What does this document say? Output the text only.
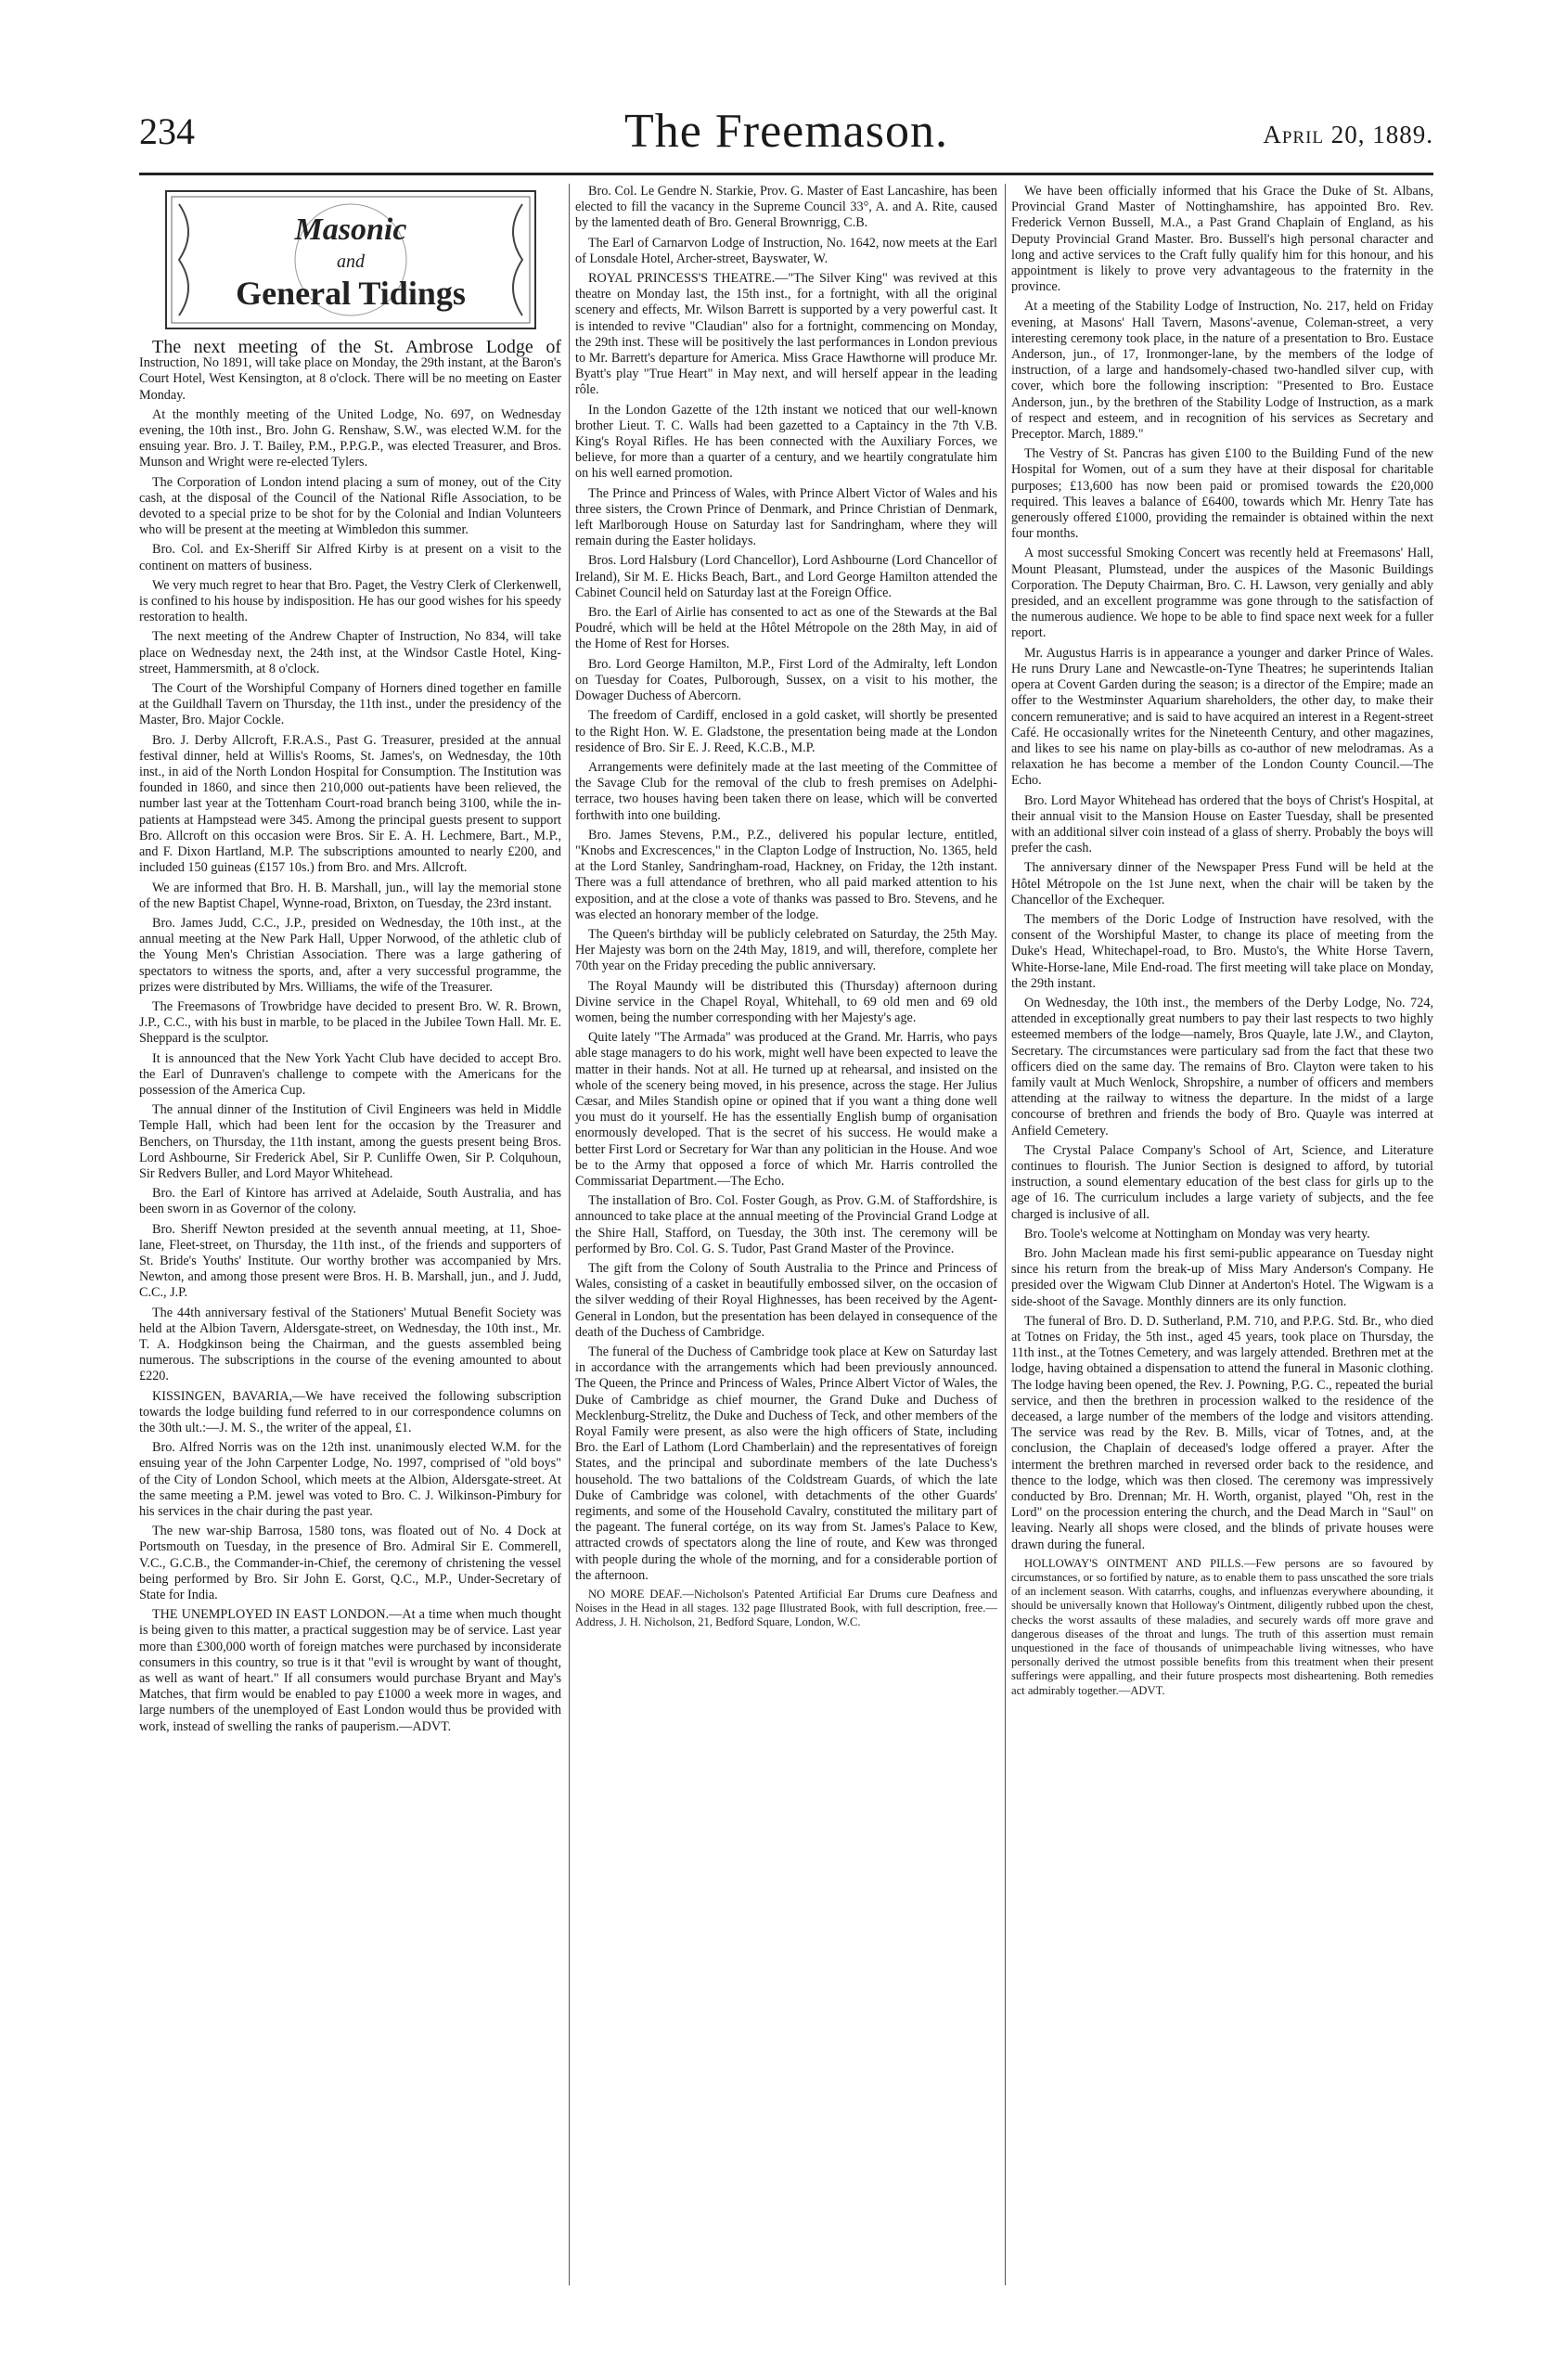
234	The Freemason.	April 20, 1889.
Masonic
and
General Tidings

The next meeting of the St. Ambrose Lodge of Instruction, No 1891, will take place on Monday, the 29th instant, at the Baron's Court Hotel, West Kensington, at 8 o'clock. There will be no meeting on Easter Monday.

At the monthly meeting of the United Lodge, No. 697, on Wednesday evening, the 10th inst., Bro. John G. Renshaw, S.W., was elected W.M. for the ensuing year. Bro. J. T. Bailey, P.M., P.P.G.P., was elected Treasurer, and Bros. Munson and Wright were re-elected Tylers.

The Corporation of London intend placing a sum of money, out of the City cash, at the disposal of the Council of the National Rifle Association, to be devoted to a special prize to be shot for by the Colonial and Indian Volunteers who will be present at the meeting at Wimbledon this summer.

Bro. Col. and Ex-Sheriff Sir Alfred Kirby is at present on a visit to the continent on matters of business.

We very much regret to hear that Bro. Paget, the Vestry Clerk of Clerkenwell, is confined to his house by indisposition. He has our good wishes for his speedy restoration to health.

The next meeting of the Andrew Chapter of Instruction, No 834, will take place on Wednesday next, the 24th inst, at the Windsor Castle Hotel, King-street, Hammersmith, at 8 o'clock.

The Court of the Worshipful Company of Horners dined together en famille at the Guildhall Tavern on Thursday, the 11th inst., under the presidency of the Master, Bro. Major Cockle.

Bro. J. Derby Allcroft, F.R.A.S., Past G. Treasurer, presided at the annual festival dinner, held at Willis's Rooms, St. James's, on Wednesday, the 10th inst., in aid of the North London Hospital for Consumption. The Institution was founded in 1860, and since then 210,000 out-patients have been relieved, the number last year at the Tottenham Court-road branch being 3100, while the in-patients at Hampstead were 345. Among the principal guests present to support Bro. Allcroft on this occasion were Bros. Sir E. A. H. Lechmere, Bart., M.P., and F. Dixon Hartland, M.P. The subscriptions amounted to nearly £200, and included 150 guineas (£157 10s.) from Bro. and Mrs. Allcroft.

We are informed that Bro. H. B. Marshall, jun., will lay the memorial stone of the new Baptist Chapel, Wynne-road, Brixton, on Tuesday, the 23rd instant.

Bro. James Judd, C.C., J.P., presided on Wednesday, the 10th inst., at the annual meeting at the New Park Hall, Upper Norwood, of the athletic club of the Young Men's Christian Association. There was a large gathering of spectators to witness the sports, and, after a very successful programme, the prizes were distributed by Mrs. Williams, the wife of the Treasurer.

The Freemasons of Trowbridge have decided to present Bro. W. R. Brown, J.P., C.C., with his bust in marble, to be placed in the Jubilee Town Hall. Mr. E. Sheppard is the sculptor.

It is announced that the New York Yacht Club have decided to accept Bro. the Earl of Dunraven's challenge to compete with the Americans for the possession of the America Cup.

The annual dinner of the Institution of Civil Engineers was held in Middle Temple Hall, which had been lent for the occasion by the Treasurer and Benchers, on Thursday, the 11th instant, among the guests present being Bros. Lord Ashbourne, Sir Frederick Abel, Sir P. Cunliffe Owen, Sir P. Colquhoun, Sir Redvers Buller, and Lord Mayor Whitehead.

Bro. the Earl of Kintore has arrived at Adelaide, South Australia, and has been sworn in as Governor of the colony.

Bro. Sheriff Newton presided at the seventh annual meeting, at 11, Shoe-lane, Fleet-street, on Thursday, the 11th inst., of the friends and supporters of St. Bride's Youths' Institute. Our worthy brother was accompanied by Mrs. Newton, and among those present were Bros. H. B. Marshall, jun., and J. Judd, C.C., J.P.

The 44th anniversary festival of the Stationers' Mutual Benefit Society was held at the Albion Tavern, Aldersgate-street, on Wednesday, the 10th inst., Mr. T. A. Hodgkinson being the Chairman, and the guests assembled being numerous. The subscriptions in the course of the evening amounted to about £220.

KISSINGEN, BAVARIA,—We have received the following subscription towards the lodge building fund referred to in our correspondence columns on the 30th ult.:—J. M. S., the writer of the appeal, £1.

Bro. Alfred Norris was on the 12th inst. unanimously elected W.M. for the ensuing year of the John Carpenter Lodge, No. 1997, comprised of "old boys" of the City of London School, which meets at the Albion, Aldersgate-street. At the same meeting a P.M. jewel was voted to Bro. C. J. Wilkinson-Pimbury for his services in the chair during the past year.

The new war-ship Barrosa, 1580 tons, was floated out of No. 4 Dock at Portsmouth on Tuesday, in the presence of Bro. Admiral Sir E. Commerell, V.C., G.C.B., the Commander-in-Chief, the ceremony of christening the vessel being performed by Bro. Sir John E. Gorst, Q.C., M.P., Under-Secretary of State for India.

THE UNEMPLOYED IN EAST LONDON.—At a time when much thought is being given to this matter, a practical suggestion may be of service. Last year more than £300,000 worth of foreign matches were purchased by inconsiderate consumers in this country, so true is it that "evil is wrought by want of thought, as well as want of heart." If all consumers would purchase Bryant and May's Matches, that firm would be enabled to pay £1000 a week more in wages, and large numbers of the unemployed of East London would thus be provided with work, instead of swelling the ranks of pauperism.—ADVT.

Bro. Col. Le Gendre N. Starkie, Prov. G. Master of East Lancashire, has been elected to fill the vacancy in the Supreme Council 33°, A. and A. Rite, caused by the lamented death of Bro. General Brownrigg, C.B.

The Earl of Carnarvon Lodge of Instruction, No. 1642, now meets at the Earl of Lonsdale Hotel, Archer-street, Bayswater, W.

ROYAL PRINCESS'S THEATRE.—"The Silver King" was revived at this theatre on Monday last, the 15th inst., for a fortnight, with all the original scenery and effects, Mr. Wilson Barrett is supported by a very powerful cast. It is intended to revive "Claudian" also for a fortnight, commencing on Monday, the 29th inst. These will be positively the last performances in London previous to Mr. Barrett's departure for America. Miss Grace Hawthorne will produce Mr. Byatt's play "True Heart" in May next, and will herself appear in the leading rôle.

In the London Gazette of the 12th instant we noticed that our well-known brother Lieut. T. C. Walls had been gazetted to a Captaincy in the 7th V.B. King's Royal Rifles. He has been connected with the Auxiliary Forces, we believe, for more than a quarter of a century, and we heartily congratulate him on his well earned promotion.

The Prince and Princess of Wales, with Prince Albert Victor of Wales and his three sisters, the Crown Prince of Denmark, and Prince Christian of Denmark, left Marlborough House on Saturday last for Sandringham, where they will remain during the Easter holidays.

Bros. Lord Halsbury (Lord Chancellor), Lord Ashbourne (Lord Chancellor of Ireland), Sir M. E. Hicks Beach, Bart., and Lord George Hamilton attended the Cabinet Council held on Saturday last at the Foreign Office.

Bro. the Earl of Airlie has consented to act as one of the Stewards at the Bal Poudré, which will be held at the Hôtel Métropole on the 28th May, in aid of the Home of Rest for Horses.

Bro. Lord George Hamilton, M.P., First Lord of the Admiralty, left London on Tuesday for Coates, Pulborough, Sussex, on a visit to his mother, the Dowager Duchess of Abercorn.

The freedom of Cardiff, enclosed in a gold casket, will shortly be presented to the Right Hon. W. E. Gladstone, the presentation being made at the London residence of Bro. Sir E. J. Reed, K.C.B., M.P.

Arrangements were definitely made at the last meeting of the Committee of the Savage Club for the removal of the club to fresh premises on Adelphi-terrace, two houses having been taken there on lease, which will be converted forthwith into one building.

Bro. James Stevens, P.M., P.Z., delivered his popular lecture, entitled, "Knobs and Excrescences," in the Clapton Lodge of Instruction, No. 1365, held at the Lord Stanley, Sandringham-road, Hackney, on Friday, the 12th instant. There was a full attendance of brethren, who all paid marked attention to his exposition, and at the close a vote of thanks was passed to Bro. Stevens, and he was elected an honorary member of the lodge.

The Queen's birthday will be publicly celebrated on Saturday, the 25th May. Her Majesty was born on the 24th May, 1819, and will, therefore, complete her 70th year on the Friday preceding the public anniversary.

The Royal Maundy will be distributed this (Thursday) afternoon during Divine service in the Chapel Royal, Whitehall, to 69 old men and 69 old women, being the number corresponding with her Majesty's age.

Quite lately "The Armada" was produced at the Grand. Mr. Harris, who pays able stage managers to do his work, might well have been expected to leave the matter in their hands. Not at all. He turned up at rehearsal, and insisted on the whole of the scenery being moved, in his presence, across the stage. Her Julius Cæsar, and Miles Standish opine or opined that if you want a thing done well you must do it yourself. He has the essentially English bump of organisation enormously developed. That is the secret of his success. He would make a better First Lord or Secretary for War than any politician in the House. And woe be to the Army that opposed a force of which Mr. Harris controlled the Commissariat Department.—The Echo.

The installation of Bro. Col. Foster Gough, as Prov. G.M. of Staffordshire, is announced to take place at the annual meeting of the Provincial Grand Lodge at the Shire Hall, Stafford, on Tuesday, the 30th inst. The ceremony will be performed by Bro. Col. G. S. Tudor, Past Grand Master of the Province.

The gift from the Colony of South Australia to the Prince and Princess of Wales, consisting of a casket in beautifully embossed silver, on the occasion of the silver wedding of their Royal Highnesses, has been received by the Agent-General in London, but the presentation has been delayed in consequence of the death of the Duchess of Cambridge.

The funeral of the Duchess of Cambridge took place at Kew on Saturday last in accordance with the arrangements which had been previously announced. The Queen, the Prince and Princess of Wales, Prince Albert Victor of Wales, the Duke of Cambridge as chief mourner, the Grand Duke and Duchess of Mecklenburg-Strelitz, the Duke and Duchess of Teck, and other members of the Royal Family were present, as also were the high officers of State, including Bro. the Earl of Lathom (Lord Chamberlain) and the representatives of foreign States, and the principal and subordinate members of the late Duchess's household. The two battalions of the Coldstream Guards, of which the late Duke of Cambridge was colonel, with detachments of the other Guards' regiments, and some of the Household Cavalry, constituted the military part of the pageant. The funeral cortége, on its way from St. James's Palace to Kew, attracted crowds of spectators along the line of route, and Kew was thronged with people during the whole of the morning, and for a considerable portion of the afternoon.

NO MORE DEAF.—Nicholson's Patented Artificial Ear Drums cure Deafness and Noises in the Head in all stages. 132 page Illustrated Book, with full description, free.—Address, J. H. Nicholson, 21, Bedford Square, London, W.C.

We have been officially informed that his Grace the Duke of St. Albans, Provincial Grand Master of Nottinghamshire, has appointed Bro. Rev. Frederick Vernon Bussell, M.A., a Past Grand Chaplain of England, as his Deputy Provincial Grand Master. Bro. Bussell's high personal character and long and active services to the Craft fully qualify him for this honour, and his appointment is likely to prove very advantageous to the fraternity in the province.

At a meeting of the Stability Lodge of Instruction, No. 217, held on Friday evening, at Masons' Hall Tavern, Masons'-avenue, Coleman-street, a very interesting ceremony took place, in the nature of a presentation to Bro. Eustace Anderson, jun., of 17, Ironmonger-lane, by the members of the lodge of instruction, of a large and handsomely-chased two-handled silver cup, with cover, which bore the following inscription: "Presented to Bro. Eustace Anderson, jun., by the brethren of the Stability Lodge of Instruction, as a mark of respect and esteem, and in recognition of his services as Secretary and Preceptor. March, 1889."

The Vestry of St. Pancras has given £100 to the Building Fund of the new Hospital for Women, out of a sum they have at their disposal for charitable purposes; £13,600 has now been paid or promised towards the £20,000 required. This leaves a balance of £6400, towards which Mr. Henry Tate has generously offered £1000, providing the remainder is obtained within the next four months.

A most successful Smoking Concert was recently held at Freemasons' Hall, Mount Pleasant, Plumstead, under the auspices of the Masonic Buildings Corporation. The Deputy Chairman, Bro. C. H. Lawson, very genially and ably presided, and an excellent programme was gone through to the satisfaction of the numerous audience. We hope to be able to find space next week for a fuller report.

Mr. Augustus Harris is in appearance a younger and darker Prince of Wales. He runs Drury Lane and Newcastle-on-Tyne Theatres; he superintends Italian opera at Covent Garden during the season; is a director of the Empire; made an offer to the Westminster Aquarium shareholders, the other day, to make their concern remunerative; and is said to have acquired an interest in a Regent-street Café. He occasionally writes for the Nineteenth Century, and other magazines, and likes to see his name on play-bills as co-author of new melodramas. As a relaxation he has become a member of the London County Council.—The Echo.

Bro. Lord Mayor Whitehead has ordered that the boys of Christ's Hospital, at their annual visit to the Mansion House on Easter Tuesday, shall be presented with an additional silver coin instead of a glass of sherry. Probably the boys will prefer the cash.

The anniversary dinner of the Newspaper Press Fund will be held at the Hôtel Métropole on the 1st June next, when the chair will be taken by the Chancellor of the Exchequer.

The members of the Doric Lodge of Instruction have resolved, with the consent of the Worshipful Master, to change its place of meeting from the Duke's Head, Whitechapel-road, to Bro. Musto's, the White Horse Tavern, White-Horse-lane, Mile End-road. The first meeting will take place on Monday, the 29th instant.

On Wednesday, the 10th inst., the members of the Derby Lodge, No. 724, attended in exceptionally great numbers to pay their last respects to two highly esteemed members of the lodge—namely, Bros Quayle, late J.W., and Clayton, Secretary. The circumstances were particulary sad from the fact that these two officers died on the same day. The remains of Bro. Clayton were taken to his family vault at Much Wenlock, Shropshire, a number of officers and members attending at the railway to witness the departure. In the midst of a large concourse of brethren and friends the body of Bro. Quayle was interred at Anfield Cemetery.

The Crystal Palace Company's School of Art, Science, and Literature continues to flourish. The Junior Section is designed to afford, by tutorial instruction, a sound elementary education of the best class for girls up to the age of 16. The curriculum includes a large variety of subjects, and the fee charged is inclusive of all.

Bro. Toole's welcome at Nottingham on Monday was very hearty.

Bro. John Maclean made his first semi-public appearance on Tuesday night since his return from the break-up of Miss Mary Anderson's Company. He presided over the Wigwam Club Dinner at Anderton's Hotel. The Wigwam is a side-shoot of the Savage. Monthly dinners are its only function.

The funeral of Bro. D. D. Sutherland, P.M. 710, and P.P.G. Std. Br., who died at Totnes on Friday, the 5th inst., aged 45 years, took place on Thursday, the 11th inst., at the Totnes Cemetery, and was largely attended. Brethren met at the lodge, having obtained a dispensation to attend the funeral in Masonic clothing. The lodge having been opened, the Rev. J. Powning, P.G. C., repeated the burial service, and then the brethren in procession walked to the residence of the deceased, a large number of the members of the lodge and visitors attending. The service was read by the Rev. B. Mills, vicar of Totnes, and, at the conclusion, the Chaplain of deceased's lodge offered a prayer. After the interment the brethren marched in reversed order back to the residence, and thence to the lodge, which was then closed. The ceremony was impressively conducted by Bro. Drennan; Mr. H. Worth, organist, played "Oh, rest in the Lord" on the procession entering the church, and the Dead March in "Saul" on leaving. Nearly all shops were closed, and the blinds of private houses were drawn during the funeral.

HOLLOWAY'S OINTMENT AND PILLS.—Few persons are so favoured by circumstances, or so fortified by nature, as to enable them to pass unscathed the sore trials of an inclement season. With catarrhs, coughs, and influenzas everywhere abounding, it should be universally known that Holloway's Ointment, diligently rubbed upon the chest, checks the worst assaults of these maladies, and securely wards off more grave and dangerous diseases of the throat and lungs. The truth of this assertion must remain unquestioned in the face of thousands of unimpeachable living witnesses, who have personally derived the utmost possible benefits from this treatment when their present sufferings were appalling, and their future prospects most disheartening. Both remedies act admirably together.—ADVT.
